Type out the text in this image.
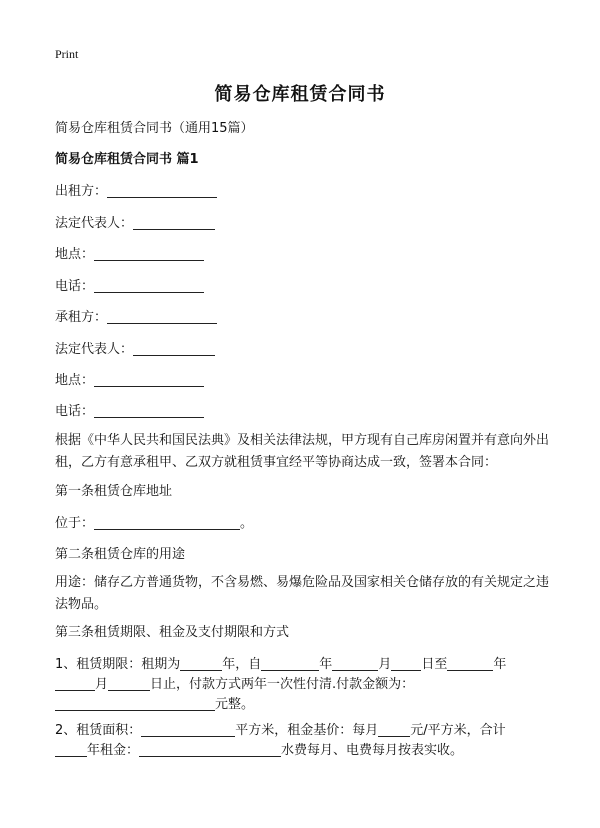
Print
简易仓库租赁合同书
简易仓库租赁合同书（通用15篇）
简易仓库租赁合同书 篇1
出租方：
法定代表人：
地点：
电话：
承租方：
法定代表人：
地点：
电话：
根据《中华人民共和国民法典》及相关法律法规，甲方现有自己库房闲置并有意向外出租，乙方有意承租甲、乙双方就租赁事宜经平等协商达成一致，签署本合同：
第一条租赁仓库地址
位于：	。
第二条租赁仓库的用途
用途：储存乙方普通货物，不含易燃、易爆危险品及国家相关仓储存放的有关规定之违法物品。
第三条租赁期限、租金及支付期限和方式
1、租赁期限：租期为	年，自	年	月 日至	年
月	日止，付款方式两年一次性付清.付款金额为：
元整。
2、租赁面积：	平方米，租金基价：每月 元/平方米，合计
年租金：	水费每月、电费每月按表实收。
